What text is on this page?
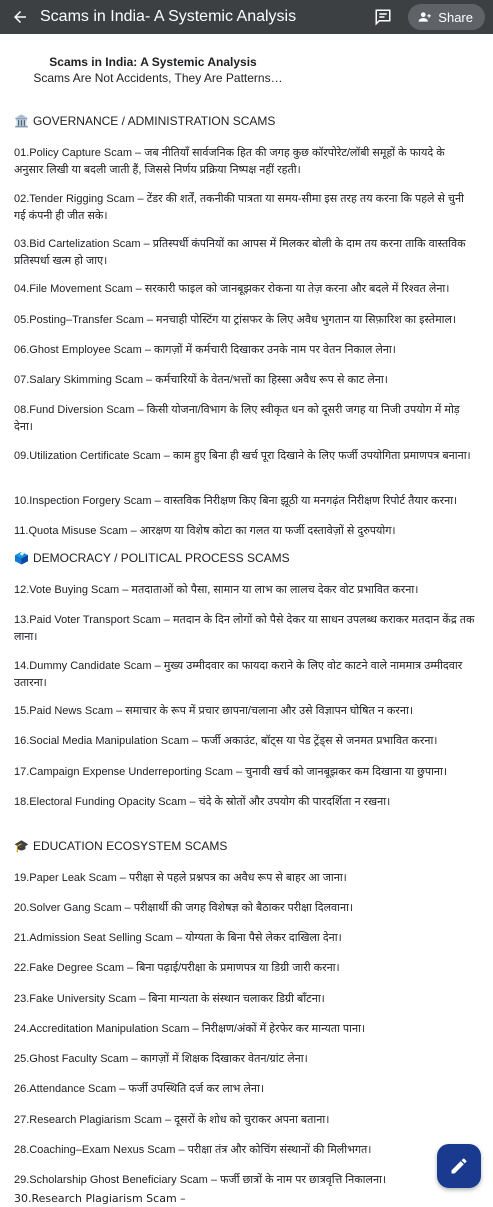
Scams in India- A Systemic Analysis	Share
Scams in India: A Systemic Analysis
Scams Are Not Accidents, They Are Patterns…
🏛️ GOVERNANCE / ADMINISTRATION SCAMS
01.Policy Capture Scam – जब नीतियाँ सार्वजनिक हित की जगह कुछ कॉरपोरेट/लॉबी समूहों के फायदे के अनुसार लिखी या बदली जाती हैं, जिससे निर्णय प्रक्रिया निष्पक्ष नहीं रहती।
02.Tender Rigging Scam – टेंडर की शर्तें, तकनीकी पात्रता या समय-सीमा इस तरह तय करना कि पहले से चुनी गई कंपनी ही जीत सके।
03.Bid Cartelization Scam – प्रतिस्पर्धी कंपनियों का आपस में मिलकर बोली के दाम तय करना ताकि वास्तविक प्रतिस्पर्धा खत्म हो जाए।
04.File Movement Scam – सरकारी फाइल को जानबूझकर रोकना या तेज़ करना और बदले में रिश्वत लेना।
05.Posting–Transfer Scam – मनचाही पोस्टिंग या ट्रांसफर के लिए अवैध भुगतान या सिफ़ारिश का इस्तेमाल।
06.Ghost Employee Scam – कागज़ों में कर्मचारी दिखाकर उनके नाम पर वेतन निकाल लेना।
07.Salary Skimming Scam – कर्मचारियों के वेतन/भत्तों का हिस्सा अवैध रूप से काट लेना।
08.Fund Diversion Scam – किसी योजना/विभाग के लिए स्वीकृत धन को दूसरी जगह या निजी उपयोग में मोड़ देना।
09.Utilization Certificate Scam – काम हुए बिना ही खर्च पूरा दिखाने के लिए फर्जी उपयोगिता प्रमाणपत्र बनाना।
10.Inspection Forgery Scam – वास्तविक निरीक्षण किए बिना झूठी या मनगढ़ंत निरीक्षण रिपोर्ट तैयार करना।
11.Quota Misuse Scam – आरक्षण या विशेष कोटा का गलत या फर्जी दस्तावेज़ों से दुरुपयोग।
🗳️ DEMOCRACY / POLITICAL PROCESS SCAMS
12.Vote Buying Scam – मतदाताओं को पैसा, सामान या लाभ का लालच देकर वोट प्रभावित करना।
13.Paid Voter Transport Scam – मतदान के दिन लोगों को पैसे देकर या साधन उपलब्ध कराकर मतदान केंद्र तक लाना।
14.Dummy Candidate Scam – मुख्य उम्मीदवार का फायदा कराने के लिए वोट काटने वाले नाममात्र उम्मीदवार उतारना।
15.Paid News Scam – समाचार के रूप में प्रचार छापना/चलाना और उसे विज्ञापन घोषित न करना।
16.Social Media Manipulation Scam – फर्जी अकाउंट, बॉट्स या पेड ट्रेंड्स से जनमत प्रभावित करना।
17.Campaign Expense Underreporting Scam – चुनावी खर्च को जानबूझकर कम दिखाना या छुपाना।
18.Electoral Funding Opacity Scam – चंदे के स्रोतों और उपयोग की पारदर्शिता न रखना।
🎓 EDUCATION ECOSYSTEM SCAMS
19.Paper Leak Scam – परीक्षा से पहले प्रश्नपत्र का अवैध रूप से बाहर आ जाना।
20.Solver Gang Scam – परीक्षार्थी की जगह विशेषज्ञ को बैठाकर परीक्षा दिलवाना।
21.Admission Seat Selling Scam – योग्यता के बिना पैसे लेकर दाखिला देना।
22.Fake Degree Scam – बिना पढ़ाई/परीक्षा के प्रमाणपत्र या डिग्री जारी करना।
23.Fake University Scam – बिना मान्यता के संस्थान चलाकर डिग्री बाँटना।
24.Accreditation Manipulation Scam – निरीक्षण/अंकों में हेरफेर कर मान्यता पाना।
25.Ghost Faculty Scam – कागज़ों में शिक्षक दिखाकर वेतन/ग्रांट लेना।
26.Attendance Scam – फर्जी उपस्थिति दर्ज कर लाभ लेना।
27.Research Plagiarism Scam – दूसरों के शोध को चुराकर अपना बताना।
28.Coaching–Exam Nexus Scam – परीक्षा तंत्र और कोचिंग संस्थानों की मिलीभगत।
29.Scholarship Ghost Beneficiary Scam – फर्जी छात्रों के नाम पर छात्रवृत्ति निकालना।
30.Research Plagiarism Scam –
